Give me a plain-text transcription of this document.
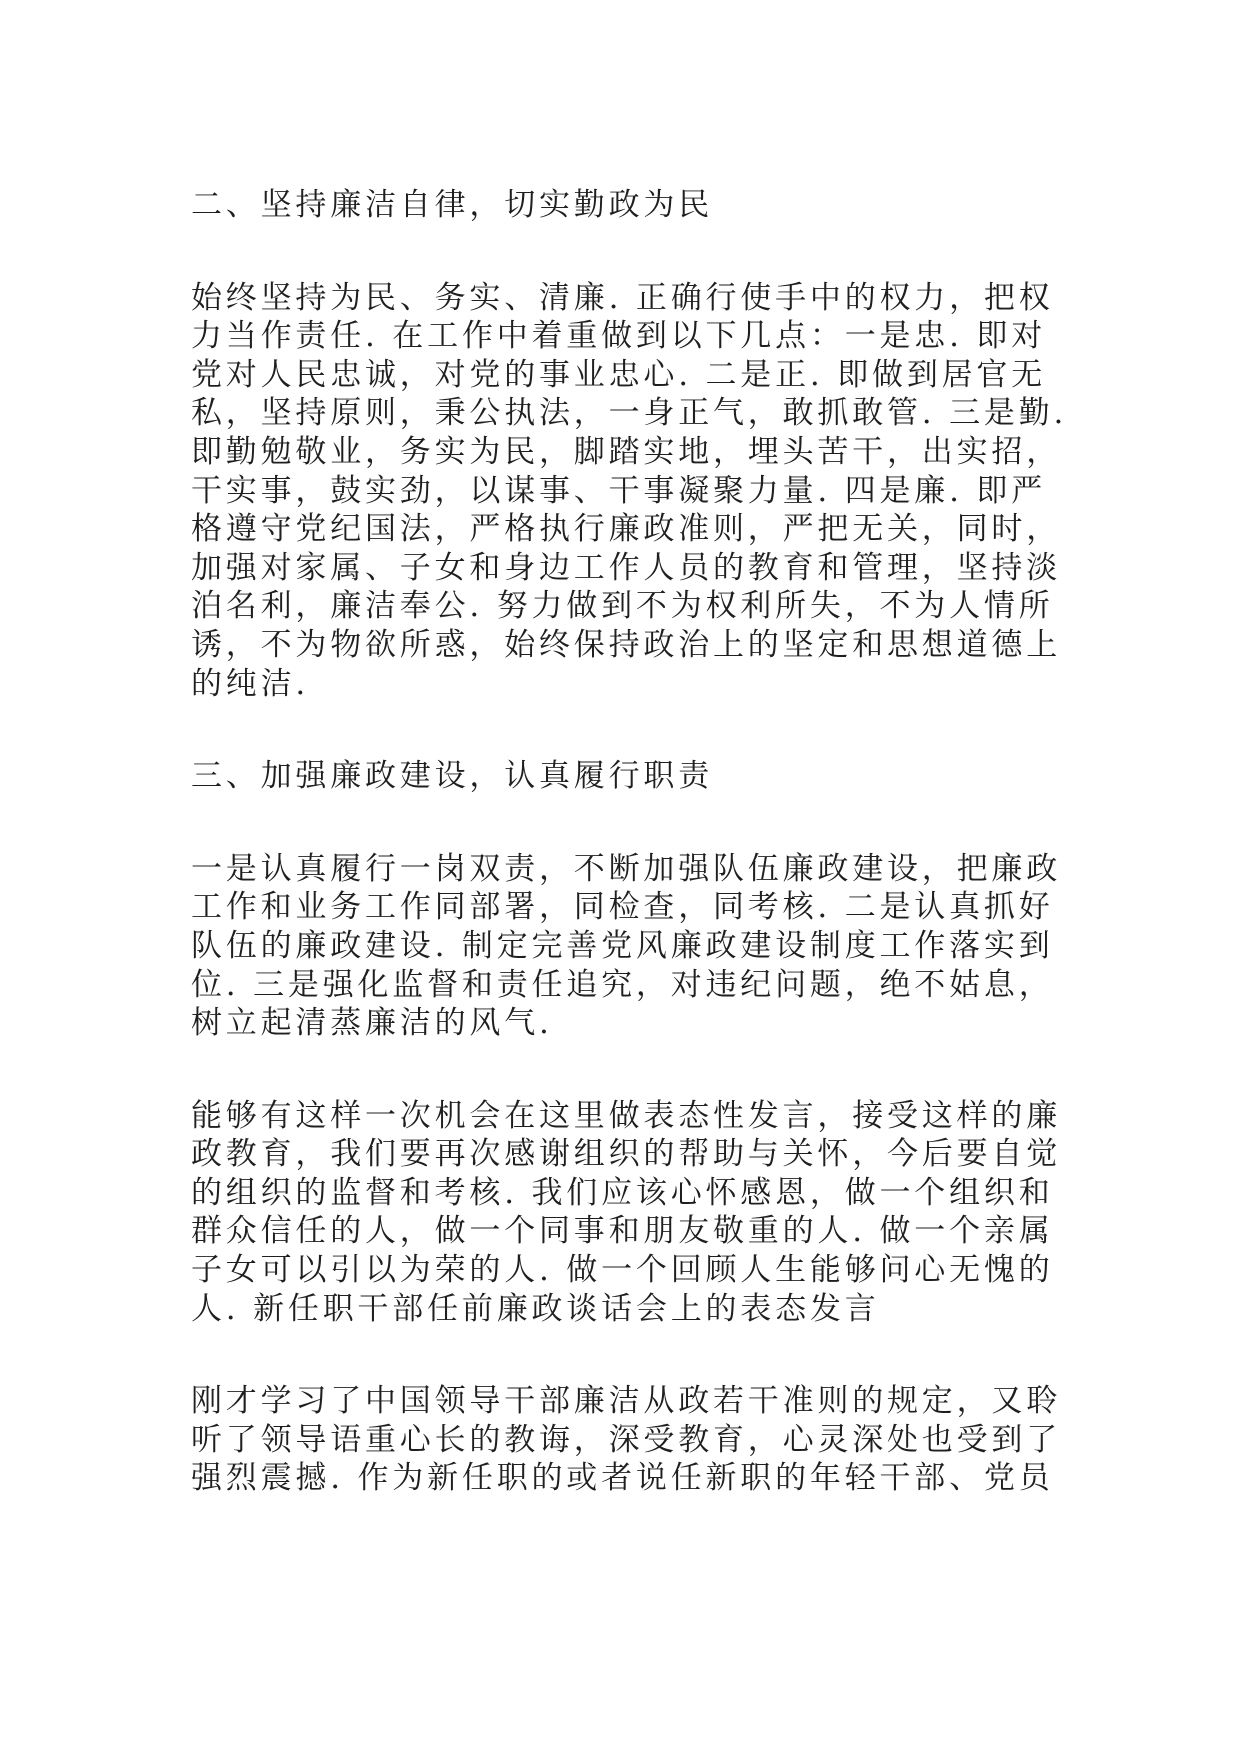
二、坚持廉洁自律，切实勤政为民
始终坚持为民、务实、清廉. 正确行使手中的权力，把权
力当作责任. 在工作中着重做到以下几点：一是忠. 即对
党对人民忠诚，对党的事业忠心. 二是正. 即做到居官无
私，坚持原则，秉公执法，一身正气，敢抓敢管. 三是勤.
即勤勉敬业，务实为民，脚踏实地，埋头苦干，出实招，
干实事，鼓实劲，以谋事、干事凝聚力量. 四是廉. 即严
格遵守党纪国法，严格执行廉政准则，严把无关，同时，
加强对家属、子女和身边工作人员的教育和管理，坚持淡
泊名利，廉洁奉公. 努力做到不为权利所失，不为人情所
诱，不为物欲所惑，始终保持政治上的坚定和思想道德上
的纯洁.
三、加强廉政建设，认真履行职责
一是认真履行一岗双责，不断加强队伍廉政建设，把廉政
工作和业务工作同部署，同检查，同考核. 二是认真抓好
队伍的廉政建设. 制定完善党风廉政建设制度工作落实到
位. 三是强化监督和责任追究，对违纪问题，绝不姑息，
树立起清蒸廉洁的风气.
能够有这样一次机会在这里做表态性发言，接受这样的廉
政教育，我们要再次感谢组织的帮助与关怀，今后要自觉
的组织的监督和考核. 我们应该心怀感恩，做一个组织和
群众信任的人，做一个同事和朋友敬重的人. 做一个亲属
子女可以引以为荣的人. 做一个回顾人生能够问心无愧的
人. 新任职干部任前廉政谈话会上的表态发言
刚才学习了中国领导干部廉洁从政若干准则的规定，又聆
听了领导语重心长的教诲，深受教育，心灵深处也受到了
强烈震撼. 作为新任职的或者说任新职的年轻干部、党员
